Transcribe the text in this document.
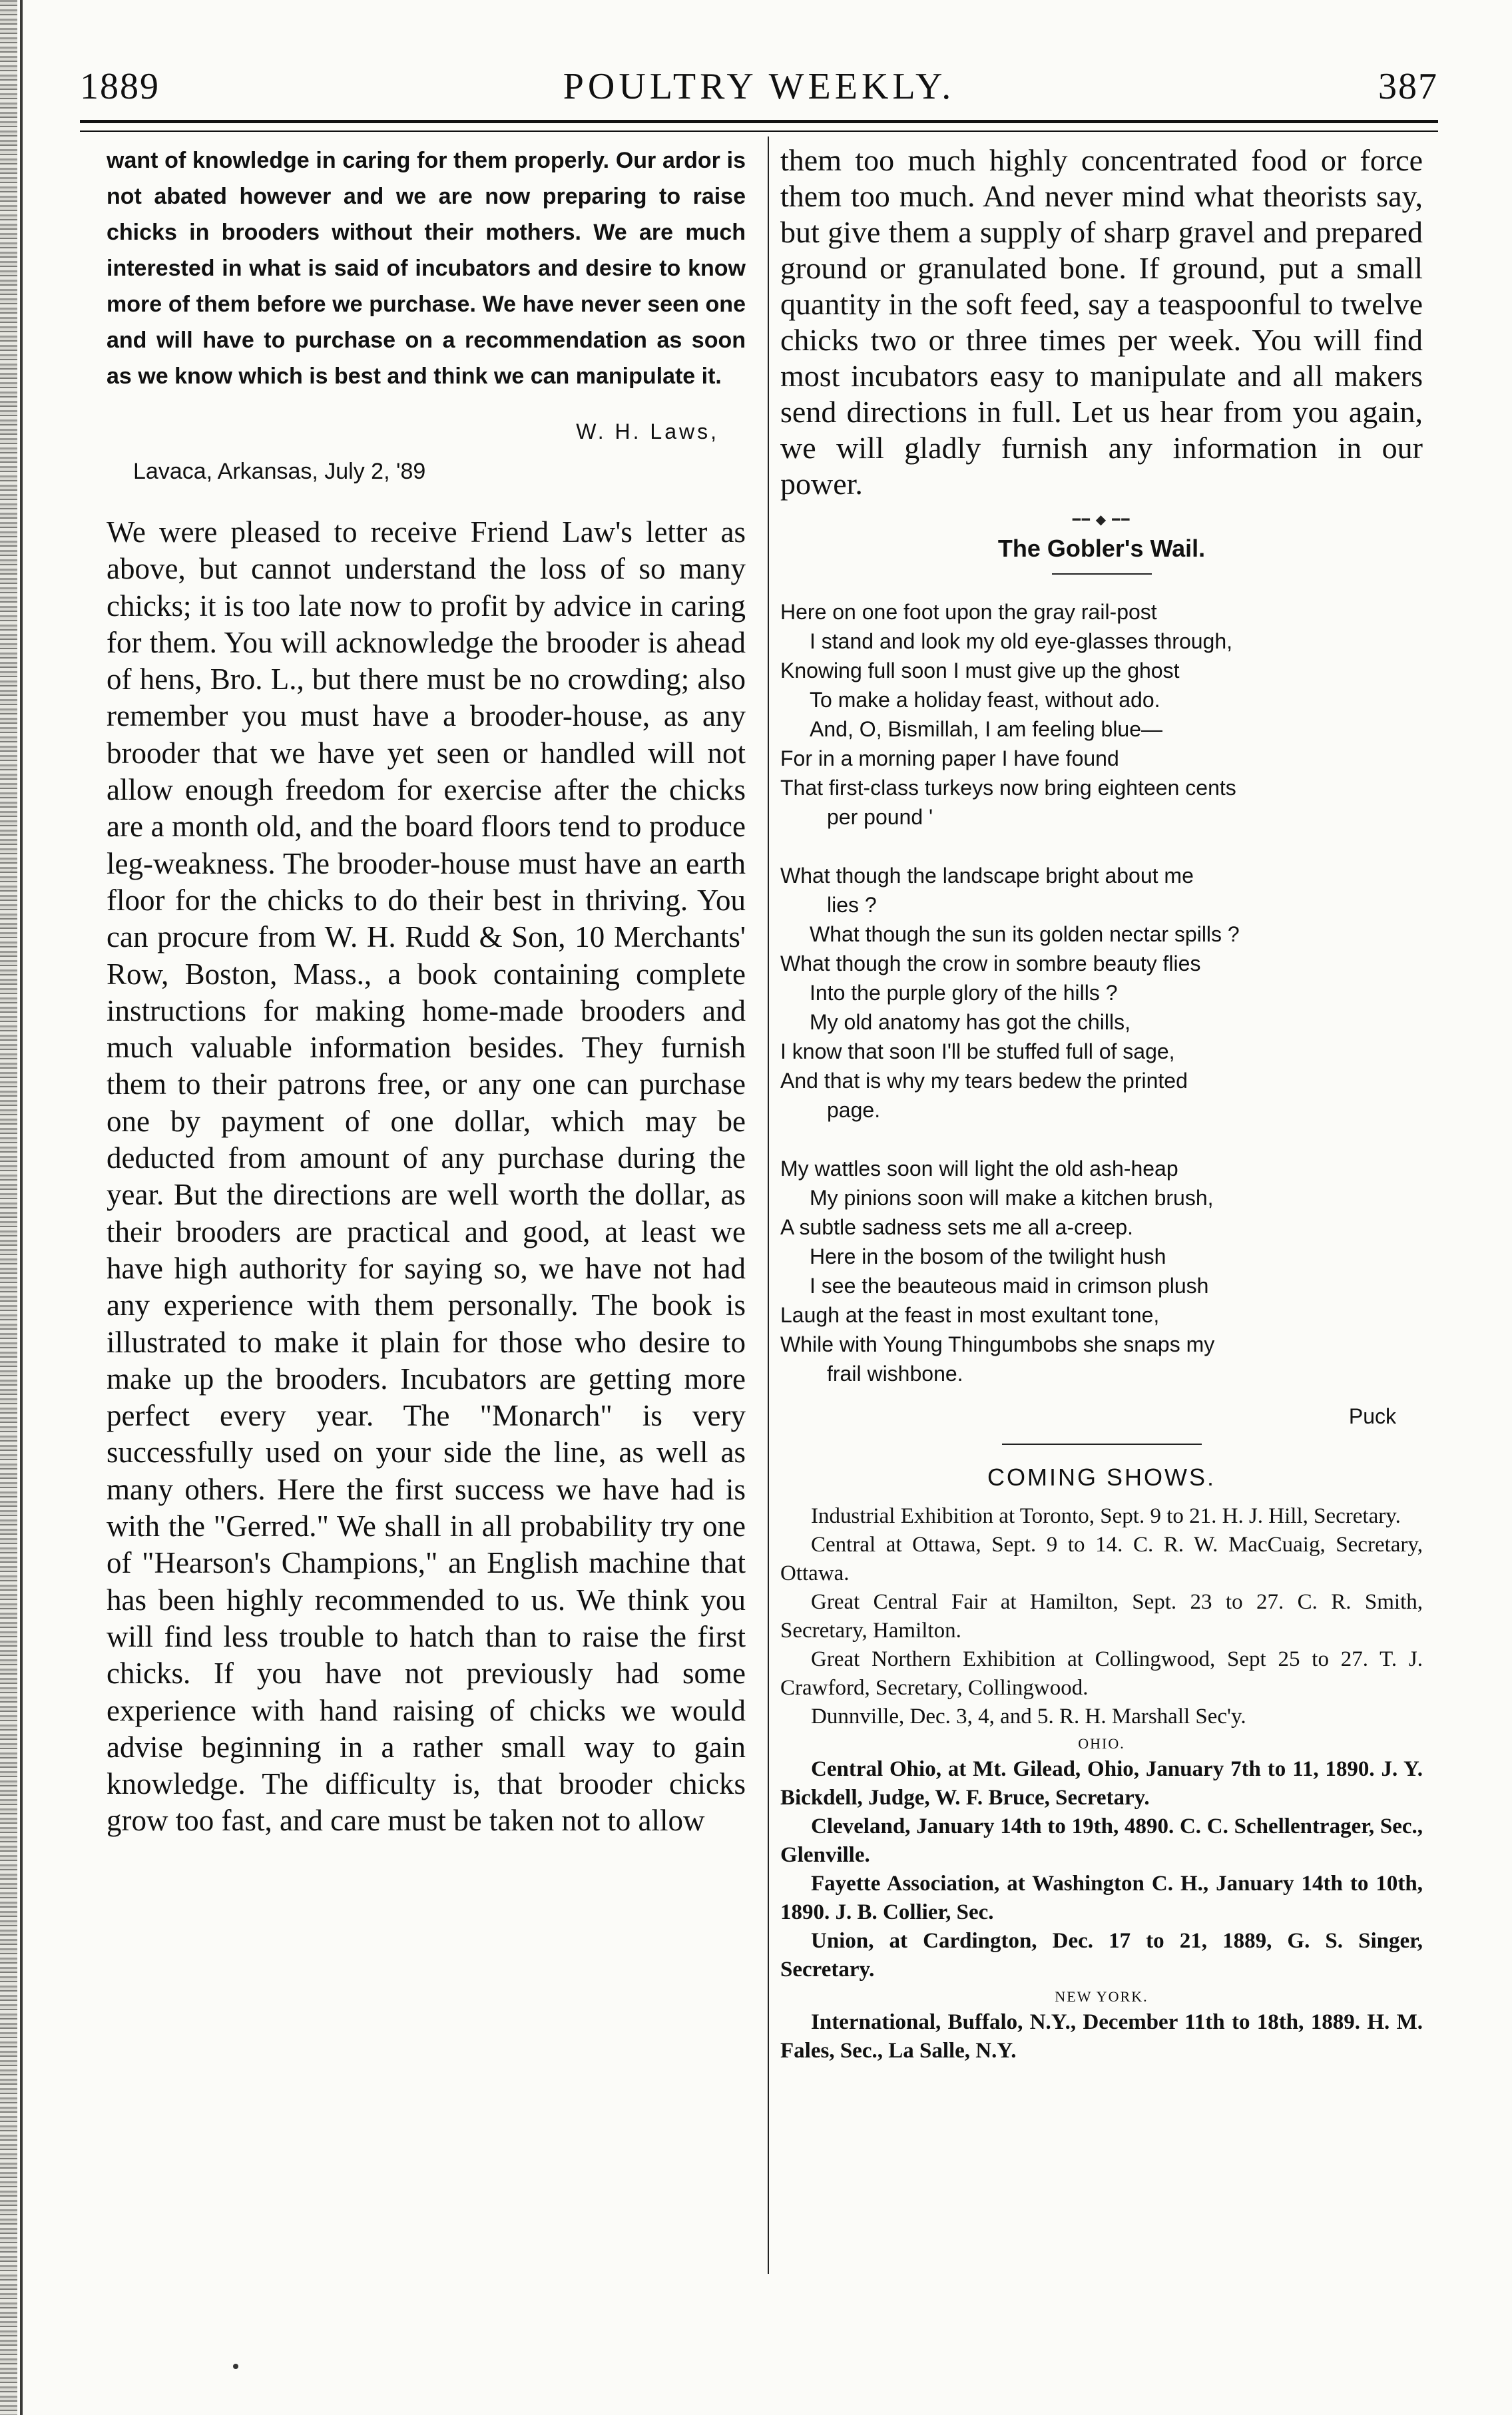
1889	POULTRY WEEKLY.	387

want of knowledge in caring for them properly. Our ardor is not abated however and we are now preparing to raise chicks in brooders without their mothers. We are much interested in what is said of incubators and desire to know more of them before we purchase. We have never seen one and will have to purchase on a recommendation as soon as we know which is best and think we can manipulate it.

W. H. Laws,
Lavaca, Arkansas, July 2, '89

We were pleased to receive Friend Law's letter as above, but cannot understand the loss of so many chicks; it is too late now to profit by advice in caring for them. You will acknowledge the brooder is ahead of hens, Bro. L., but there must be no crowding; also remember you must have a brooder-house, as any brooder that we have yet seen or handled will not allow enough freedom for exercise after the chicks are a month old, and the board floors tend to produce leg-weakness. The brooder-house must have an earth floor for the chicks to do their best in thriving. You can procure from W. H. Rudd & Son, 10 Merchants' Row, Boston, Mass., a book containing complete instructions for making home-made brooders and much valuable information besides. They furnish them to their patrons free, or any one can purchase one by payment of one dollar, which may be deducted from amount of any purchase during the year. But the directions are well worth the dollar, as their brooders are practical and good, at least we have high authority for saying so, we have not had any experience with them personally. The book is illustrated to make it plain for those who desire to make up the brooders. Incubators are getting more perfect every year. The "Monarch" is very successfully used on your side the line, as well as many others. Here the first success we have had is with the "Gerred." We shall in all probability try one of "Hearson's Champions," an English machine that has been highly recommended to us. We think you will find less trouble to hatch than to raise the first chicks. If you have not previously had some experience with hand raising of chicks we would advise beginning in a rather small way to gain knowledge. The difficulty is, that brooder chicks grow too fast, and care must be taken not to allow

them too much highly concentrated food or force them too much. And never mind what theorists say, but give them a supply of sharp gravel and prepared ground or granulated bone. If ground, put a small quantity in the soft feed, say a teaspoonful to twelve chicks two or three times per week. You will find most incubators easy to manipulate and all makers send directions in full. Let us hear from you again, we will gladly furnish any information in our power.

━━ ◆ ━━
The Gobler's Wail.
Here on one foot upon the gray rail-post
I stand and look my old eye-glasses through,
Knowing full soon I must give up the ghost
To make a holiday feast, without ado.
And, O, Bismillah, I am feeling blue—
For in a morning paper I have found
That first-class turkeys now bring eighteen cents
per pound '
What though the landscape bright about me
lies ?
What though the sun its golden nectar spills ?
What though the crow in sombre beauty flies
Into the purple glory of the hills ?
My old anatomy has got the chills,
I know that soon I'll be stuffed full of sage,
And that is why my tears bedew the printed
page.
My wattles soon will light the old ash-heap
My pinions soon will make a kitchen brush,
A subtle sadness sets me all a-creep.
Here in the bosom of the twilight hush
I see the beauteous maid in crimson plush
Laugh at the feast in most exultant tone,
While with Young Thingumbobs she snaps my
frail wishbone.
Puck
COMING SHOWS.

Industrial Exhibition at Toronto, Sept. 9 to 21. H. J. Hill, Secretary.

Central at Ottawa, Sept. 9 to 14. C. R. W. MacCuaig, Secretary, Ottawa.

Great Central Fair at Hamilton, Sept. 23 to 27. C. R. Smith, Secretary, Hamilton.

Great Northern Exhibition at Collingwood, Sept 25 to 27. T. J. Crawford, Secretary, Collingwood.

Dunnville, Dec. 3, 4, and 5. R. H. Marshall Sec'y.

OHIO.

Central Ohio, at Mt. Gilead, Ohio, January 7th to 11, 1890. J. Y. Bickdell, Judge, W. F. Bruce, Secretary.

Cleveland, January 14th to 19th, 4890. C. C. Schellentrager, Sec., Glenville.

Fayette Association, at Washington C. H., January 14th to 10th, 1890. J. B. Collier, Sec.

Union, at Cardington, Dec. 17 to 21, 1889, G. S. Singer, Secretary.

NEW YORK.

International, Buffalo, N.Y., December 11th to 18th, 1889. H. M. Fales, Sec., La Salle, N.Y.
